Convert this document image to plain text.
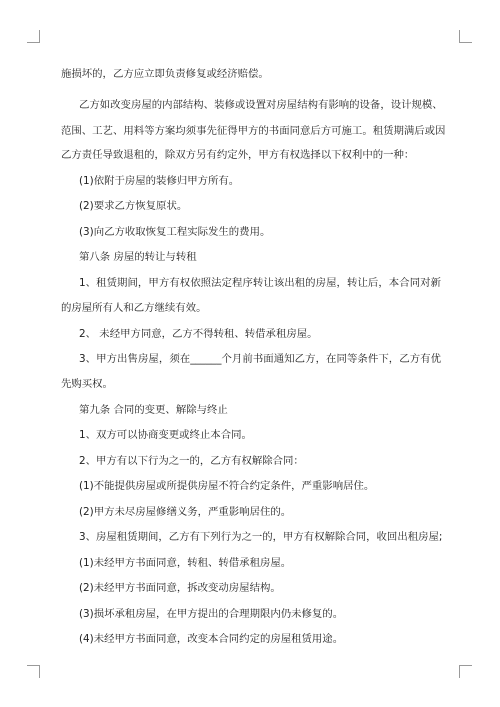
施损坏的，乙方应立即负责修复或经济赔偿。
乙方如改变房屋的内部结构、装修或设置对房屋结构有影响的设备，设计规模、
范围、工艺、用料等方案均须事先征得甲方的书面同意后方可施工。租赁期满后或因
乙方责任导致退租的，除双方另有约定外，甲方有权选择以下权利中的一种：
(1)依附于房屋的装修归甲方所有。
(2)要求乙方恢复原状。
(3)向乙方收取恢复工程实际发生的费用。
第八条 房屋的转让与转租
1、租赁期间，甲方有权依照法定程序转让该出租的房屋，转让后，本合同对新
的房屋所有人和乙方继续有效。
2、 未经甲方同意，乙方不得转租、转借承租房屋。
3、甲方出售房屋，须在______个月前书面通知乙方，在同等条件下，乙方有优
先购买权。
第九条 合同的变更、解除与终止
1、双方可以协商变更或终止本合同。
2、甲方有以下行为之一的，乙方有权解除合同：
(1)不能提供房屋或所提供房屋不符合约定条件，严重影响居住。
(2)甲方未尽房屋修缮义务，严重影响居住的。
3、房屋租赁期间，乙方有下列行为之一的，甲方有权解除合同，收回出租房屋;
(1)未经甲方书面同意，转租、转借承租房屋。
(2)未经甲方书面同意，拆改变动房屋结构。
(3)损坏承租房屋，在甲方提出的合理期限内仍未修复的。
(4)未经甲方书面同意，改变本合同约定的房屋租赁用途。
